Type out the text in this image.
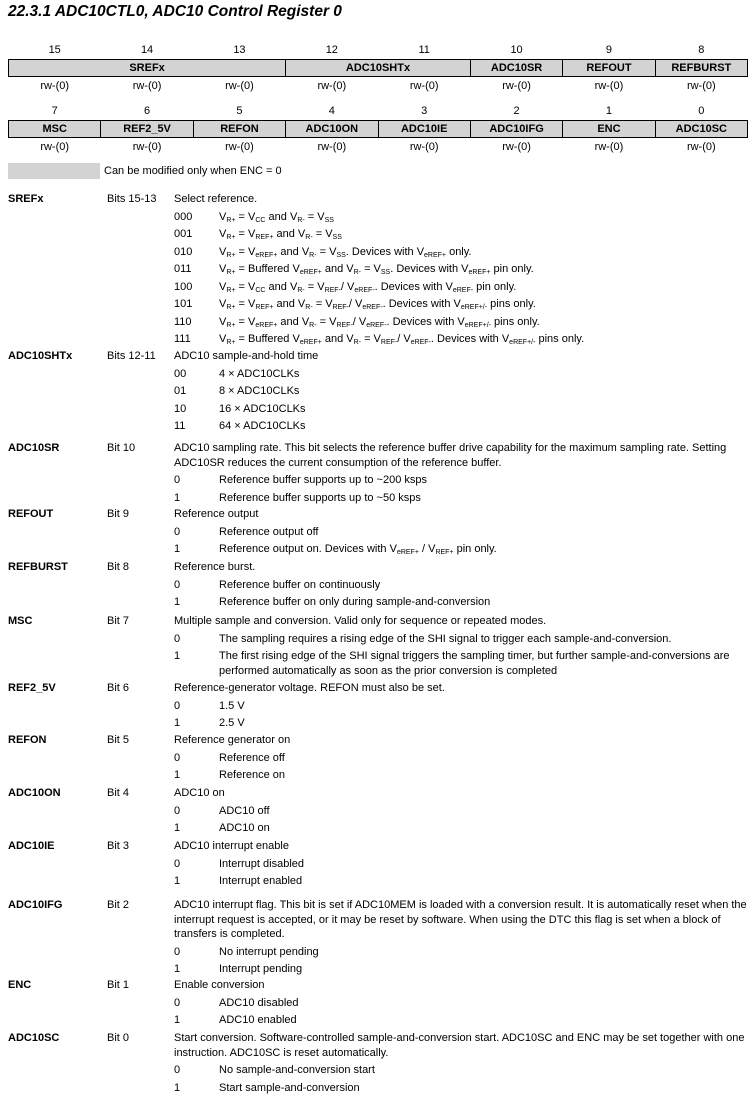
22.3.1 ADC10CTL0, ADC10 Control Register 0
15	14	13	12	11	10	9	8
SREFx			ADC10SHTx		ADC10SR	REFOUT	REFBURST
rw-(0)	rw-(0)	rw-(0)	rw-(0)	rw-(0)	rw-(0)	rw-(0)	rw-(0)
7	6	5	4	3	2	1	0
MSC	REF2_5V	REFON	ADC10ON	ADC10IE	ADC10IFG	ENC	ADC10SC
rw-(0)	rw-(0)	rw-(0)	rw-(0)	rw-(0)	rw-(0)	rw-(0)	rw-(0)
Can be modified only when ENC = 0
SREFx	Bits 15-13 Select reference.
000 $V_{R+} = V_{CC}$ and $V_{R-} = V_{SS}$
001 $V_{R+} = V_{REF+}$ and $V_{R-} = V_{SS}$
010 $V_{R+} = V_{eREF+}$ and $V_{R-} = V_{SS}$. Devices with $V_{eREF+}$ only.
011 $V_{R+}$ = Buffered $V_{eREF+}$ and $V_{R-} = V_{SS}$. Devices with $V_{eREF+}$ pin only.
100 $V_{R+} = V_{CC}$ and $V_{R-} = V_{REF-}/$ $V_{eREF-}$. Devices with $V_{eREF-}$ pin only.
101 $V_{R+} = V_{REF+}$ and $V_{R-} = V_{REF-}/$ $V_{eREF-}$. Devices with $V_{eREF+/-}$ pins only.
110 $V_{R+} = V_{eREF+}$ and $V_{R-} = V_{REF-}/$ $V_{eREF-}$. Devices with $V_{eREF+/-}$ pins only.
111	$V_{R+}$ = Buffered $V_{eREF+}$ and $V_{R-} = V_{REF-}/$ $V_{eREF-}$. Devices with $V_{eREF+/-}$ pins only.
ADC10SHTx	Bits 12-11 ADC10 sample-and-hold time
00	4 × ADC10CLKs
01	8 × ADC10CLKs
10	16 × ADC10CLKs
11	64 × ADC10CLKs
ADC10SR	Bit 10	ADC10 sampling rate. This bit selects the reference buffer drive capability for the maximum sampling rate. Setting ADC10SR reduces the current consumption of the reference buffer.
0	Reference buffer supports up to ~200 ksps
1	Reference buffer supports up to ~50 ksps
REFOUT	Bit 9	Reference output
0	Reference output off
1	Reference output on. Devices with $V_{eREF+} / V_{REF+}$ pin only.
REFBURST	Bit 8	Reference burst.
0	Reference buffer on continuously
1	Reference buffer on only during sample-and-conversion
MSC	Bit 7	Multiple sample and conversion. Valid only for sequence or repeated modes.
0	The sampling requires a rising edge of the SHI signal to trigger each sample-and-conversion.
1	The first rising edge of the SHI signal triggers the sampling timer, but further sample-and-conversions are performed automatically as soon as the prior conversion is completed
REF2_5V	Bit 6	Reference-generator voltage. REFON must also be set.
0	1.5 V
1	2.5 V
REFON	Bit 5	Reference generator on
0	Reference off
1	Reference on
ADC10ON	Bit 4	ADC10 on
0	ADC10 off
1	ADC10 on
ADC10IE	Bit 3	ADC10 interrupt enable
0	Interrupt disabled
1	Interrupt enabled
ADC10IFG	Bit 2	ADC10 interrupt flag. This bit is set if ADC10MEM is loaded with a conversion result. It is automatically reset when the interrupt request is accepted, or it may be reset by software. When using the DTC this flag is set when a block of transfers is completed.
0	No interrupt pending
1	Interrupt pending
ENC	Bit 1	Enable conversion
0	ADC10 disabled
1	ADC10 enabled
ADC10SC	Bit 0	Start conversion. Software-controlled sample-and-conversion start. ADC10SC and ENC may be set together with one instruction. ADC10SC is reset automatically.
0	No sample-and-conversion start
1	Start sample-and-conversion
